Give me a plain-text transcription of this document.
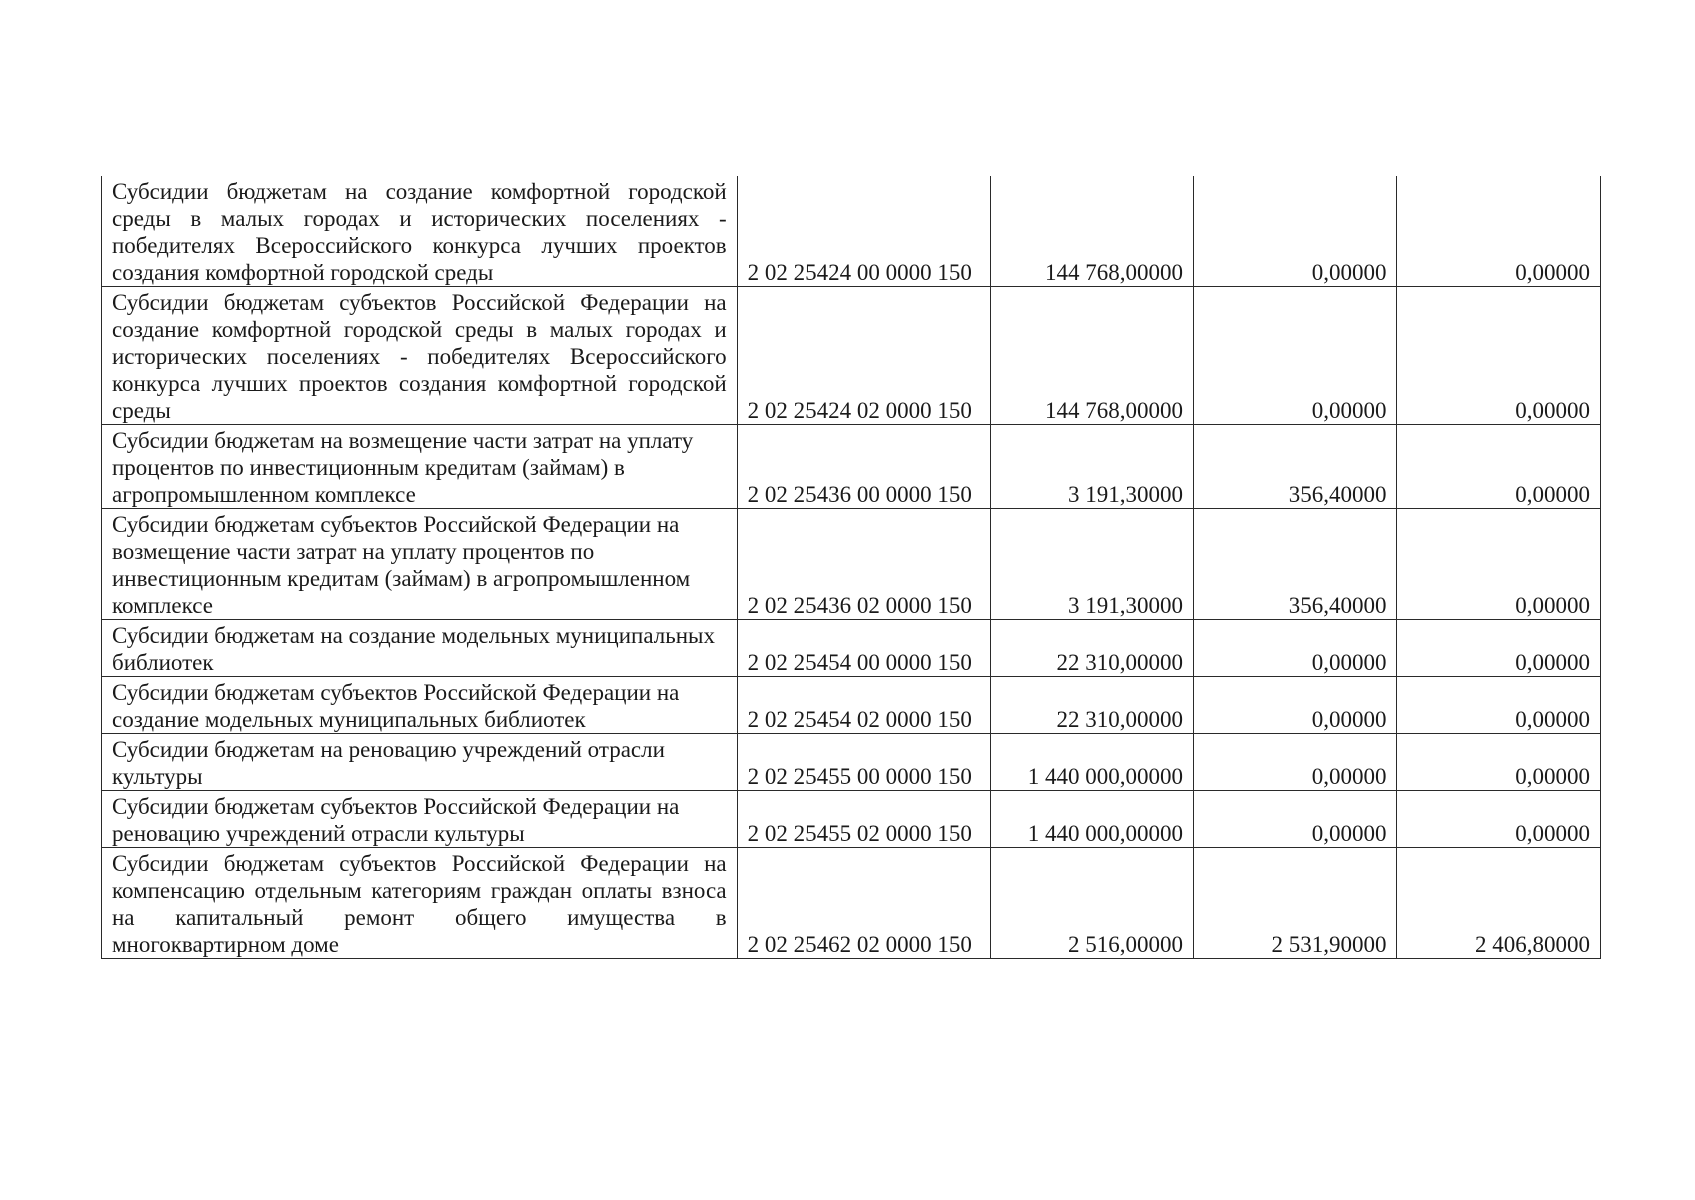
Субсидии бюджетам на создание комфортной городской среды в малых городах и исторических поселениях - победителях Всероссийского конкурса лучших проектов создания комфортной городской среды	2 02 25424 00 0000 150	144 768,00000	0,00000	0,00000
Субсидии бюджетам субъектов Российской Федерации на создание комфортной городской среды в малых городах и исторических поселениях - победителях Всероссийского конкурса лучших проектов создания комфортной городской среды	2 02 25424 02 0000 150	144 768,00000	0,00000	0,00000
Субсидии бюджетам на возмещение части затрат на уплату процентов по инвестиционным кредитам (займам) в агропромышленном комплексе	2 02 25436 00 0000 150	3 191,30000	356,40000	0,00000
Субсидии бюджетам субъектов Российской Федерации на возмещение части затрат на уплату процентов по инвестиционным кредитам (займам) в агропромышленном комплексе	2 02 25436 02 0000 150	3 191,30000	356,40000	0,00000
Субсидии бюджетам на создание модельных муниципальных библиотек	2 02 25454 00 0000 150	22 310,00000	0,00000	0,00000
Субсидии бюджетам субъектов Российской Федерации на создание модельных муниципальных библиотек	2 02 25454 02 0000 150	22 310,00000	0,00000	0,00000
Субсидии бюджетам на реновацию учреждений отрасли культуры	2 02 25455 00 0000 150	1 440 000,00000	0,00000	0,00000
Субсидии бюджетам субъектов Российской Федерации на реновацию учреждений отрасли культуры	2 02 25455 02 0000 150	1 440 000,00000	0,00000	0,00000
Субсидии бюджетам субъектов Российской Федерации на компенсацию отдельным категориям граждан оплаты взноса на капитальный ремонт общего имущества в многоквартирном доме	2 02 25462 02 0000 150	2 516,00000	2 531,90000	2 406,80000
